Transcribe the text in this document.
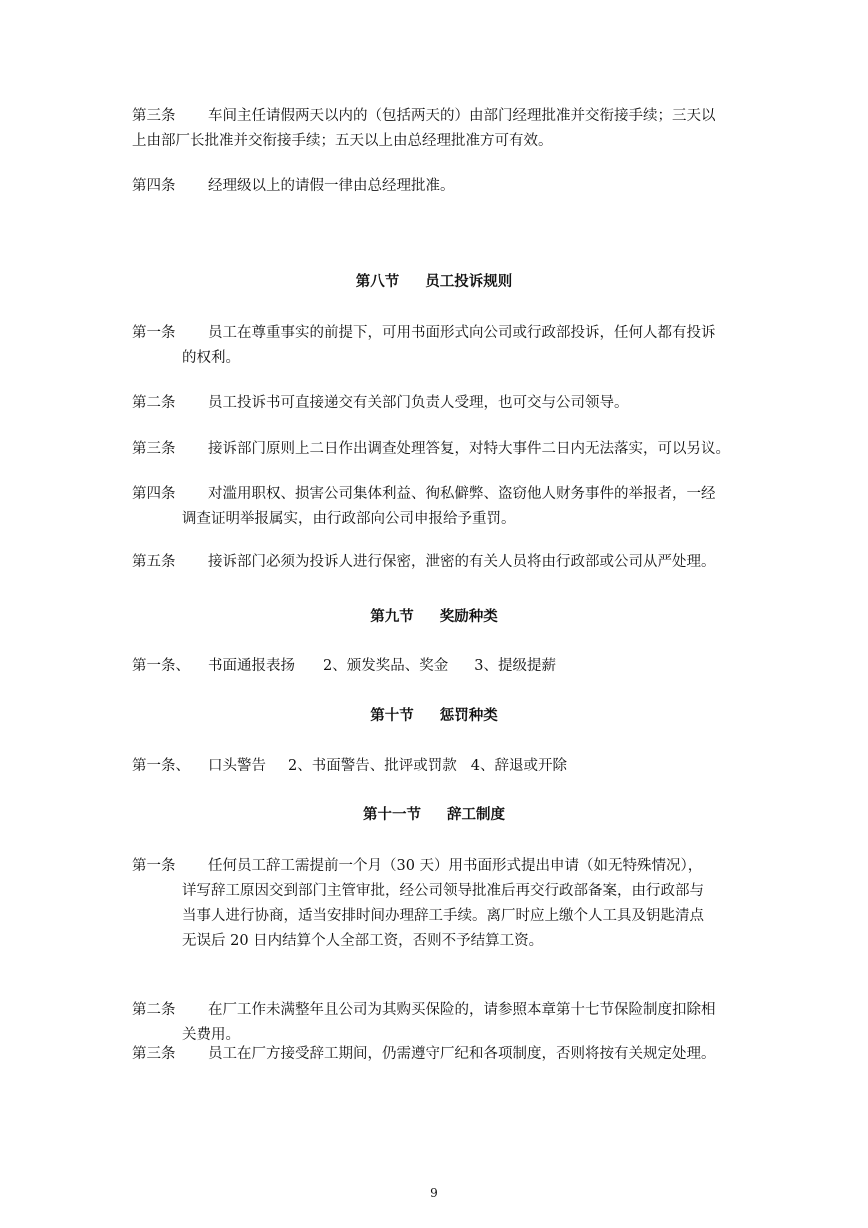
第三条 车间主任请假两天以内的（包括两天的）由部门经理批准并交衔接手续；三天以
上由部厂长批准并交衔接手续；五天以上由总经理批准方可有效。
第四条 经理级以上的请假一律由总经理批准。
第八节 员工投诉规则
第一条 员工在尊重事实的前提下，可用书面形式向公司或行政部投诉，任何人都有投诉
的权利。
第二条 员工投诉书可直接递交有关部门负责人受理，也可交与公司领导。
第三条 接诉部门原则上二日作出调查处理答复，对特大事件二日内无法落实，可以另议。
第四条 对滥用职权、损害公司集体利益、徇私僻弊、盗窃他人财务事件的举报者，一经
调查证明举报属实，由行政部向公司申报给予重罚。
第五条 接诉部门必须为投诉人进行保密，泄密的有关人员将由行政部或公司从严处理。
第九节 奖励种类
第一条、 书面通报表扬 2、颁发奖品、奖金 3、提级提薪
第十节 惩罚种类
第一条、 口头警告 2、书面警告、批评或罚款 4、辞退或开除
第十一节 辞工制度
第一条 任何员工辞工需提前一个月（30 天）用书面形式提出申请（如无特殊情况），
详写辞工原因交到部门主管审批，经公司领导批准后再交行政部备案，由行政部与
当事人进行协商，适当安排时间办理辞工手续。离厂时应上缴个人工具及钥匙清点
无误后 20 日内结算个人全部工资，否则不予结算工资。
第二条 在厂工作未满整年且公司为其购买保险的，请参照本章第十七节保险制度扣除相
关费用。
第三条 员工在厂方接受辞工期间，仍需遵守厂纪和各项制度，否则将按有关规定处理。
9
